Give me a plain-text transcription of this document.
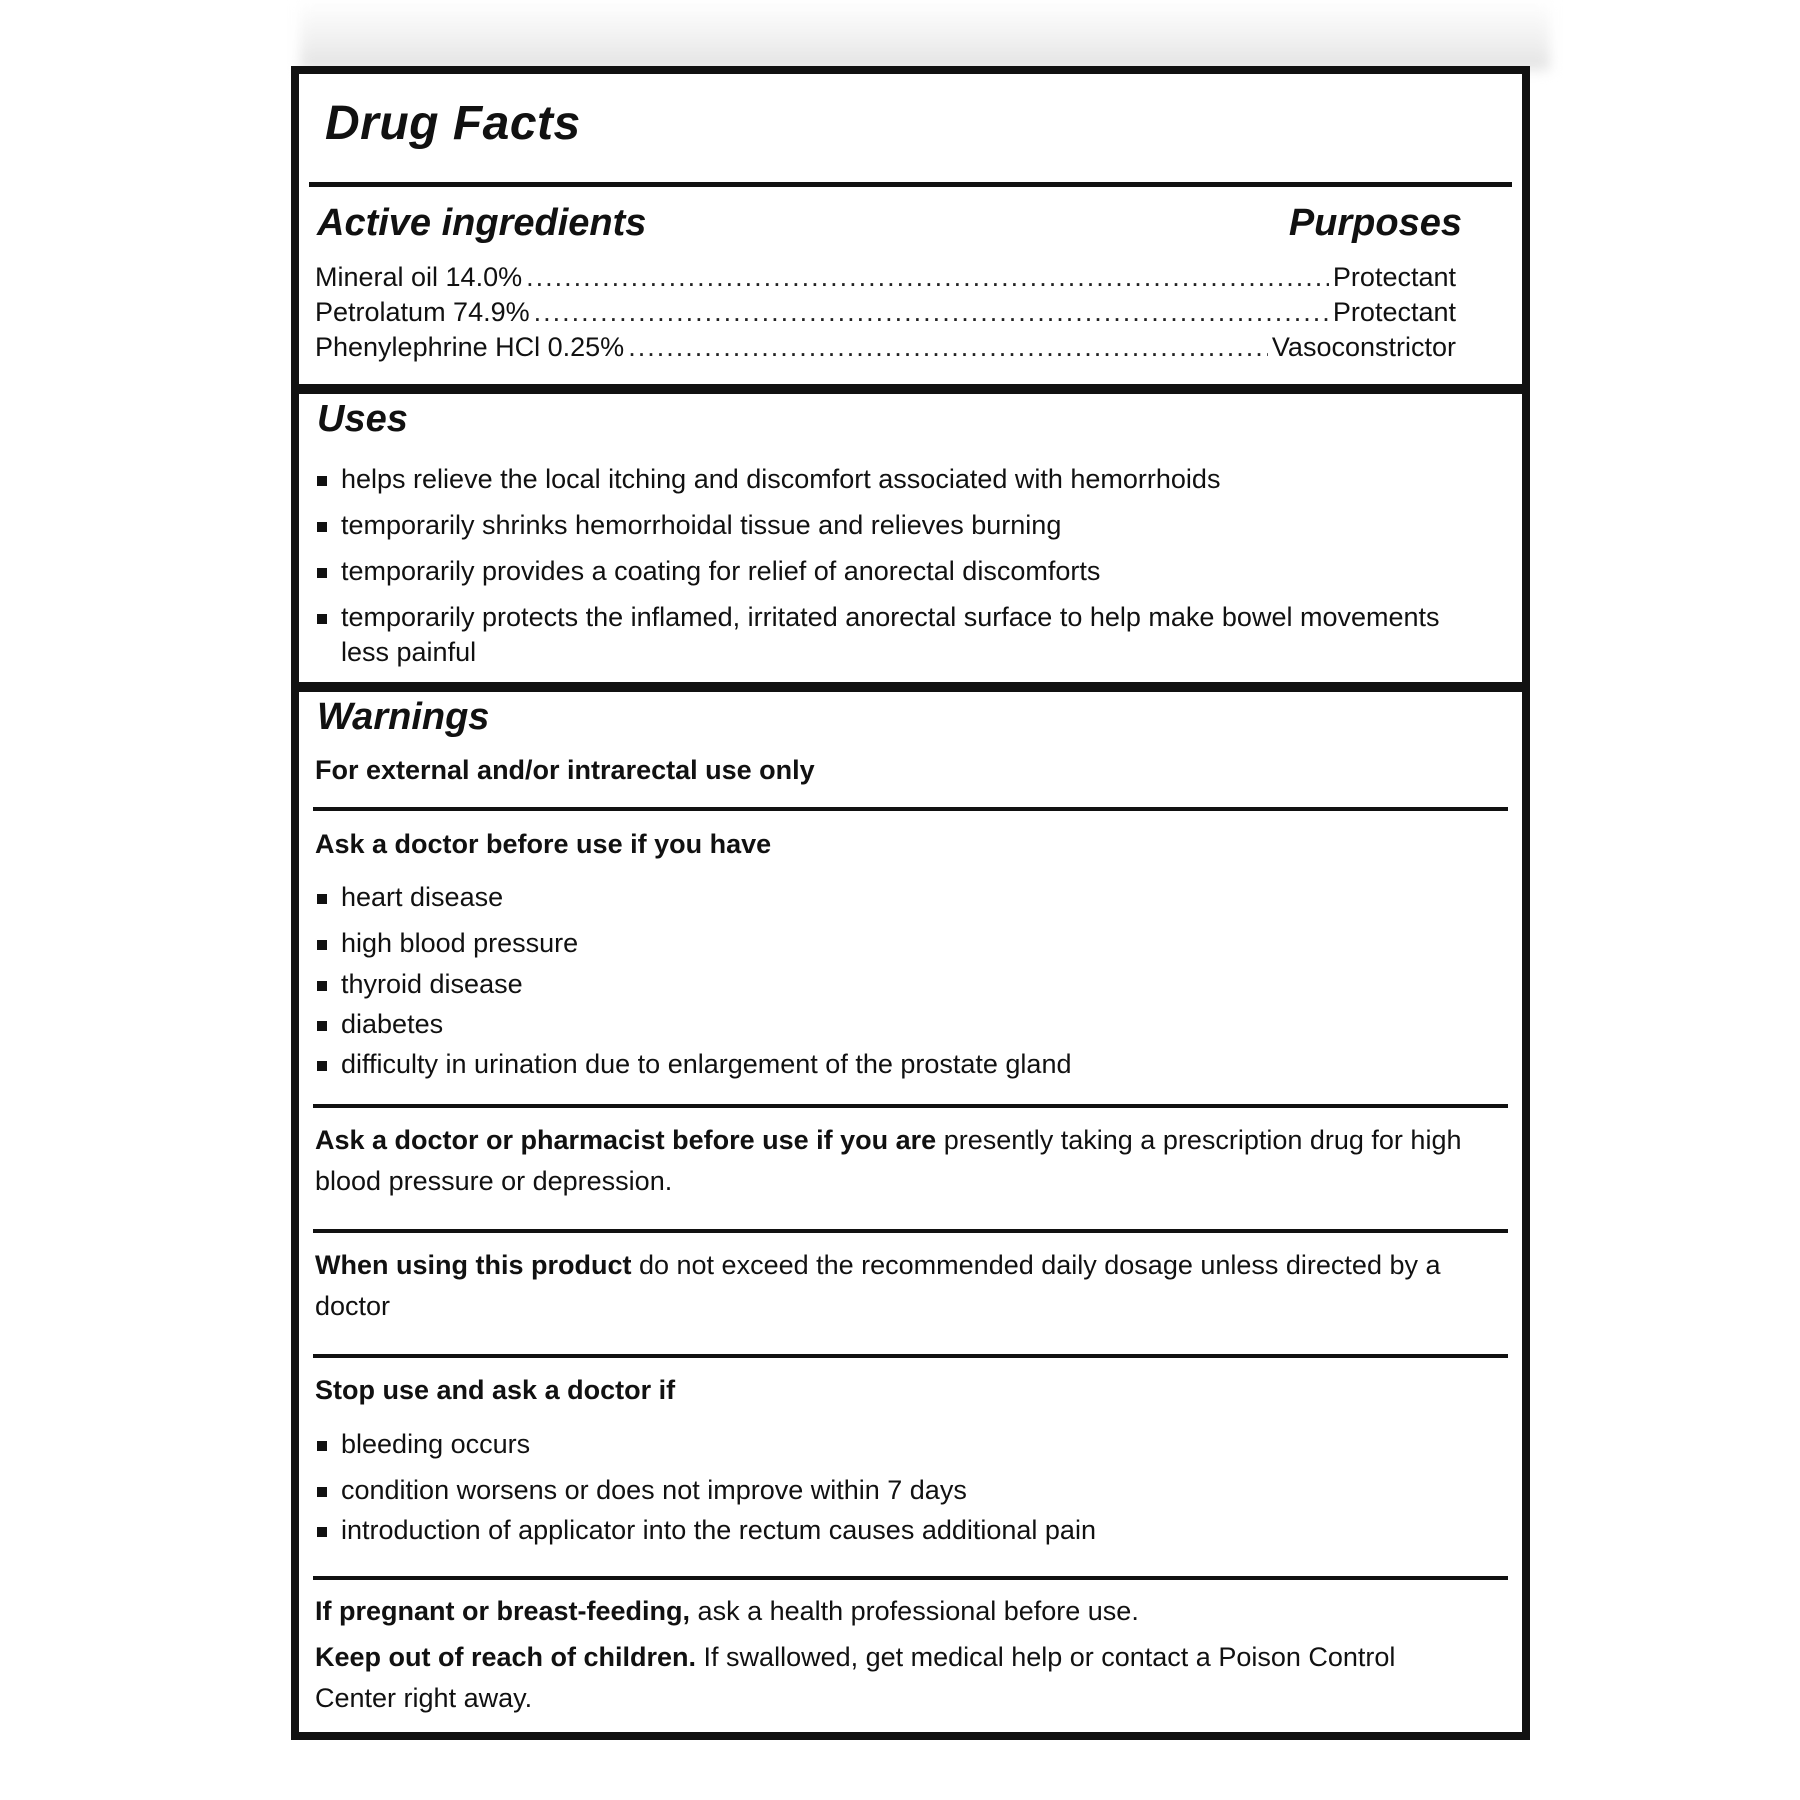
Drug Facts
Active ingredients	Purposes
Mineral oil 14.0% .....	Protectant
Petrolatum 74.9% .....	Protectant
Phenylephrine HCl 0.25% .....	Vasoconstrictor
Uses
helps relieve the local itching and discomfort associated with hemorrhoids
temporarily shrinks hemorrhoidal tissue and relieves burning
temporarily provides a coating for relief of anorectal discomforts
temporarily protects the inflamed, irritated anorectal surface to help make bowel movements less painful
Warnings
For external and/or intrarectal use only
Ask a doctor before use if you have
heart disease
high blood pressure
thyroid disease
diabetes
difficulty in urination due to enlargement of the prostate gland
Ask a doctor or pharmacist before use if you are presently taking a prescription drug for high blood pressure or depression.
When using this product do not exceed the recommended daily dosage unless directed by a doctor
Stop use and ask a doctor if
bleeding occurs
condition worsens or does not improve within 7 days
introduction of applicator into the rectum causes additional pain
If pregnant or breast-feeding, ask a health professional before use.
Keep out of reach of children. If swallowed, get medical help or contact a Poison Control Center right away.
